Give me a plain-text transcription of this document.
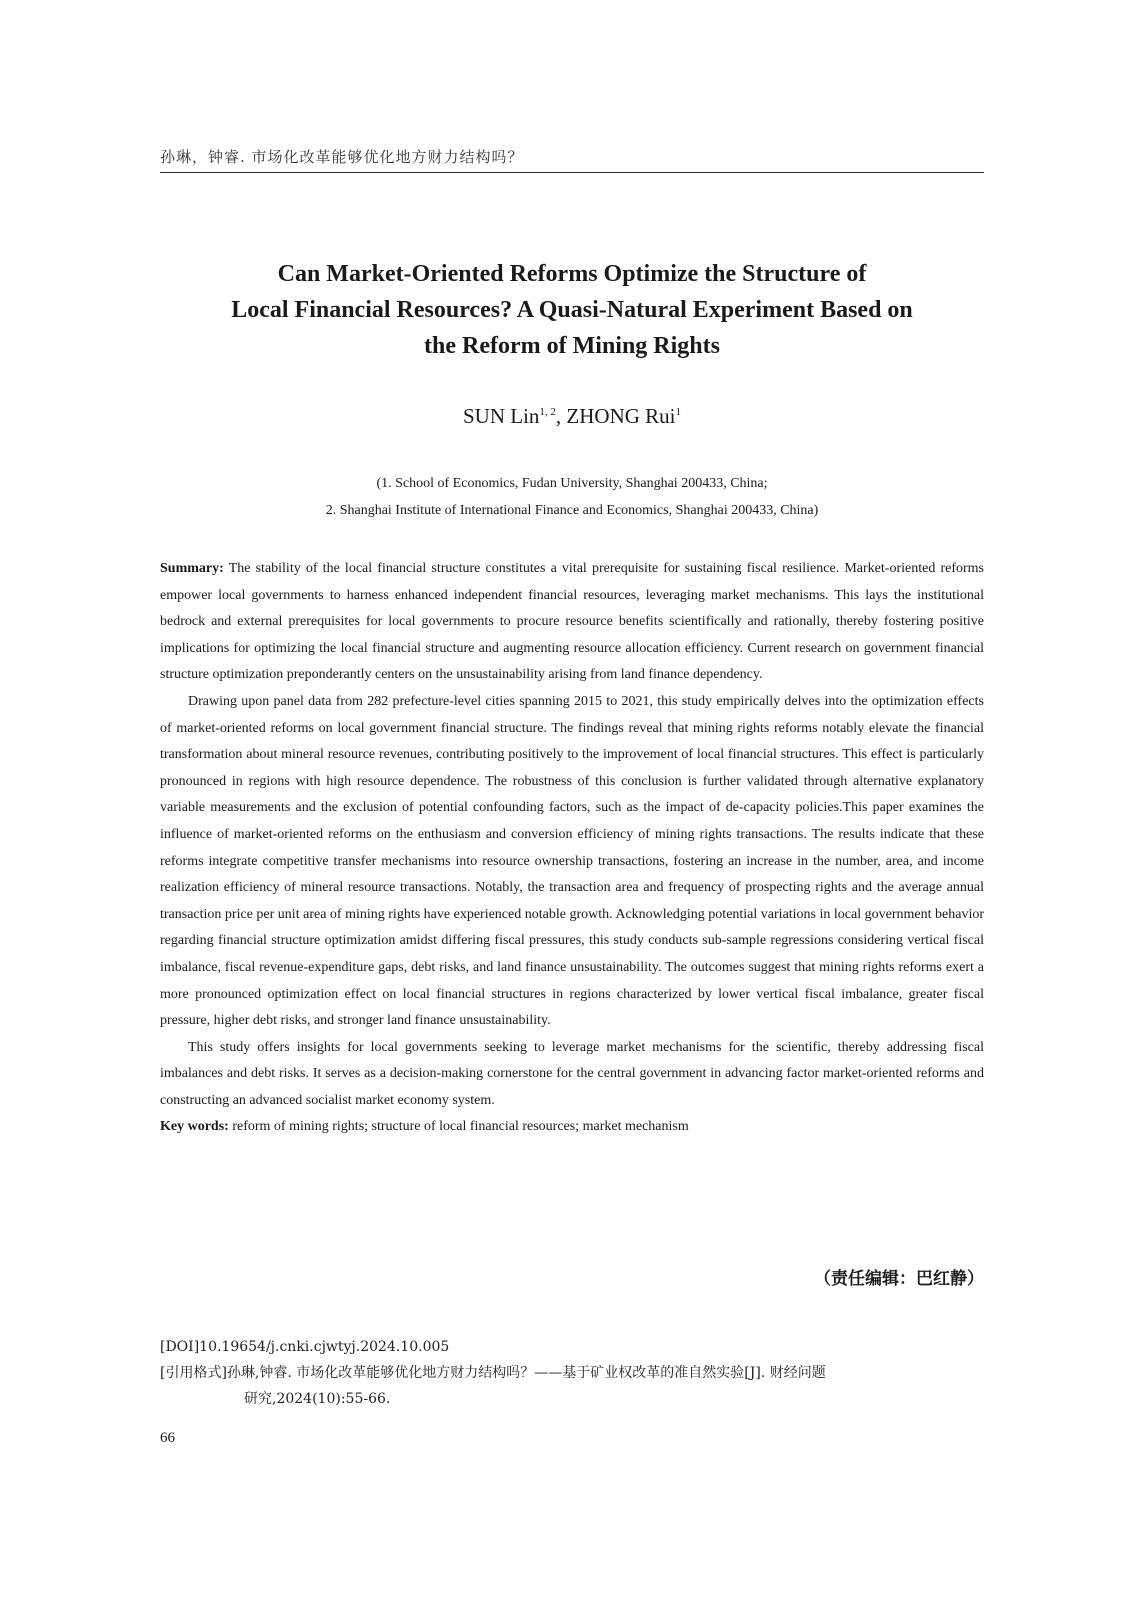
孙琳，钟睿. 市场化改革能够优化地方财力结构吗？
Can Market-Oriented Reforms Optimize the Structure of
Local Financial Resources? A Quasi-Natural Experiment Based on
the Reform of Mining Rights
SUN Lin$^{1, 2}$, ZHONG Rui$^1$
(1. School of Economics, Fudan University, Shanghai 200433, China;
2. Shanghai Institute of International Finance and Economics, Shanghai 200433, China)

Summary: The stability of the local financial structure constitutes a vital prerequisite for sustaining fiscal resilience. Market-oriented reforms empower local governments to harness enhanced independent financial resources, leveraging market mechanisms. This lays the institutional bedrock and external prerequisites for local governments to procure resource benefits scientifically and rationally, thereby fostering positive implications for optimizing the local financial structure and augmenting resource allocation efficiency. Current research on government financial structure optimization preponderantly centers on the unsustainability arising from land finance dependency.

Drawing upon panel data from 282 prefecture-level cities spanning 2015 to 2021, this study empirically delves into the optimization effects of market-oriented reforms on local government financial structure. The findings reveal that mining rights reforms notably elevate the financial transformation about mineral resource revenues, contributing positively to the improvement of local financial structures. This effect is particularly pronounced in regions with high resource dependence. The robustness of this conclusion is further validated through alternative explanatory variable measurements and the exclusion of potential confounding factors, such as the impact of de-capacity policies.This paper examines the influence of market-oriented reforms on the enthusiasm and conversion efficiency of mining rights transactions. The results indicate that these reforms integrate competitive transfer mechanisms into resource ownership transactions, fostering an increase in the number, area, and income realization efficiency of mineral resource transactions. Notably, the transaction area and frequency of prospecting rights and the average annual transaction price per unit area of mining rights have experienced notable growth. Acknowledging potential variations in local government behavior regarding financial structure optimization amidst differing fiscal pressures, this study conducts sub-sample regressions considering vertical fiscal imbalance, fiscal revenue-expenditure gaps, debt risks, and land finance unsustainability. The outcomes suggest that mining rights reforms exert a more pronounced optimization effect on local financial structures in regions characterized by lower vertical fiscal imbalance, greater fiscal pressure, higher debt risks, and stronger land finance unsustainability.

This study offers insights for local governments seeking to leverage market mechanisms for the scientific, thereby addressing fiscal imbalances and debt risks. It serves as a decision-making cornerstone for the central government in advancing factor market-oriented reforms and constructing an advanced socialist market economy system.

Key words: reform of mining rights; structure of local financial resources; market mechanism

（责任编辑：巴红静）
[DOI]10.19654/j.cnki.cjwtyj.2024.10.005
[引用格式]孙琳,钟睿. 市场化改革能够优化地方财力结构吗？——基于矿业权改革的准自然实验[J]. 财经问题
研究,2024(10):55-66.
66
